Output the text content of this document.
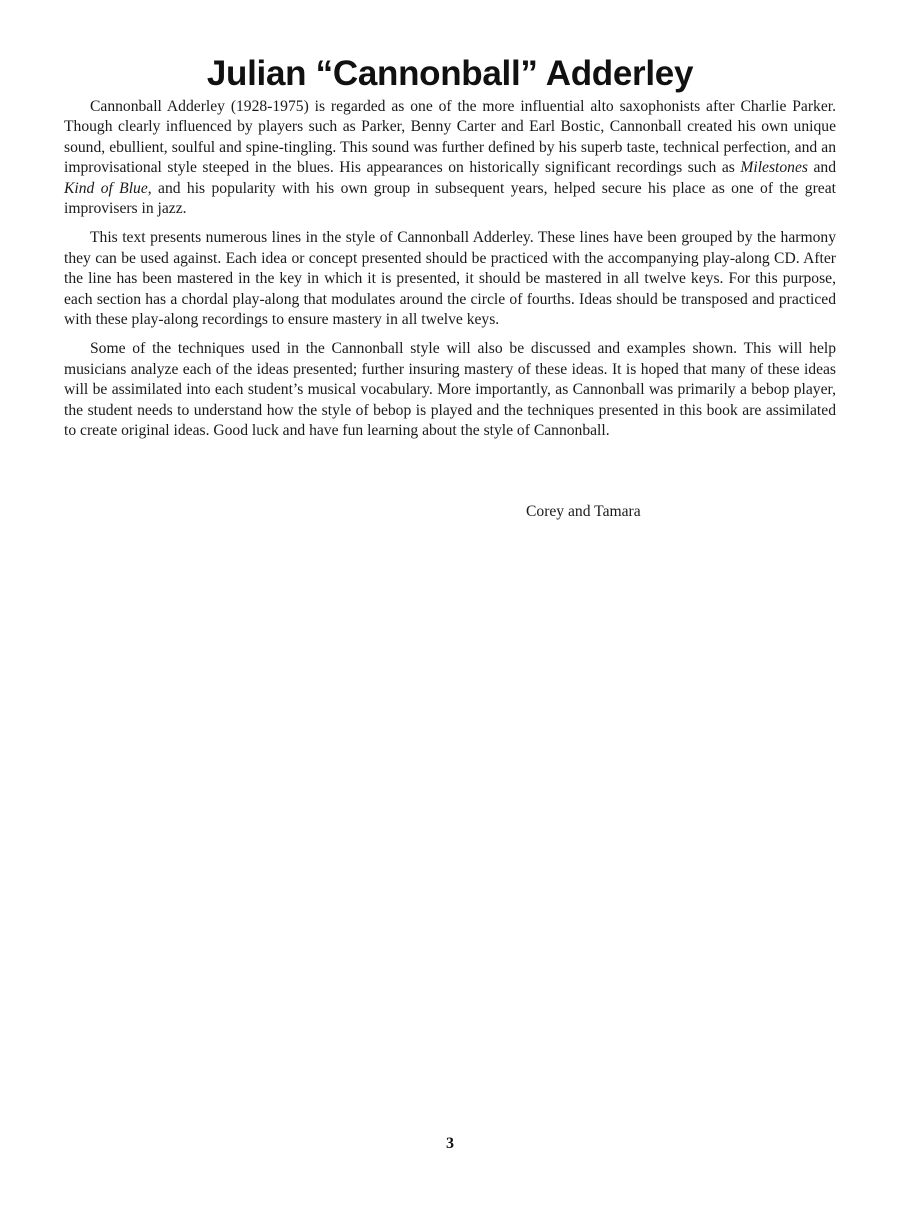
Julian “Cannonball” Adderley

Cannonball Adderley (1928-1975) is regarded as one of the more influential alto saxophonists after Charlie Parker. Though clearly influenced by players such as Parker, Benny Carter and Earl Bostic, Cannonball created his own unique sound, ebullient, soulful and spine-tingling. This sound was further defined by his superb taste, technical perfection, and an improvisational style steeped in the blues. His appearances on historically significant recordings such as Milestones and Kind of Blue, and his popularity with his own group in subsequent years, helped secure his place as one of the great improvisers in jazz.

This text presents numerous lines in the style of Cannonball Adderley. These lines have been grouped by the harmony they can be used against. Each idea or concept presented should be practiced with the accompanying play-along CD. After the line has been mastered in the key in which it is presented, it should be mastered in all twelve keys. For this purpose, each section has a chordal play-along that modulates around the circle of fourths. Ideas should be transposed and practiced with these play-along recordings to ensure mastery in all twelve keys.

Some of the techniques used in the Cannonball style will also be discussed and examples shown. This will help musicians analyze each of the ideas presented; further insuring mastery of these ideas. It is hoped that many of these ideas will be assimilated into each student’s musical vocabulary. More importantly, as Cannonball was primarily a bebop player, the student needs to understand how the style of bebop is played and the techniques presented in this book are assimilated to create original ideas. Good luck and have fun learning about the style of Cannonball.

Corey and Tamara
3
